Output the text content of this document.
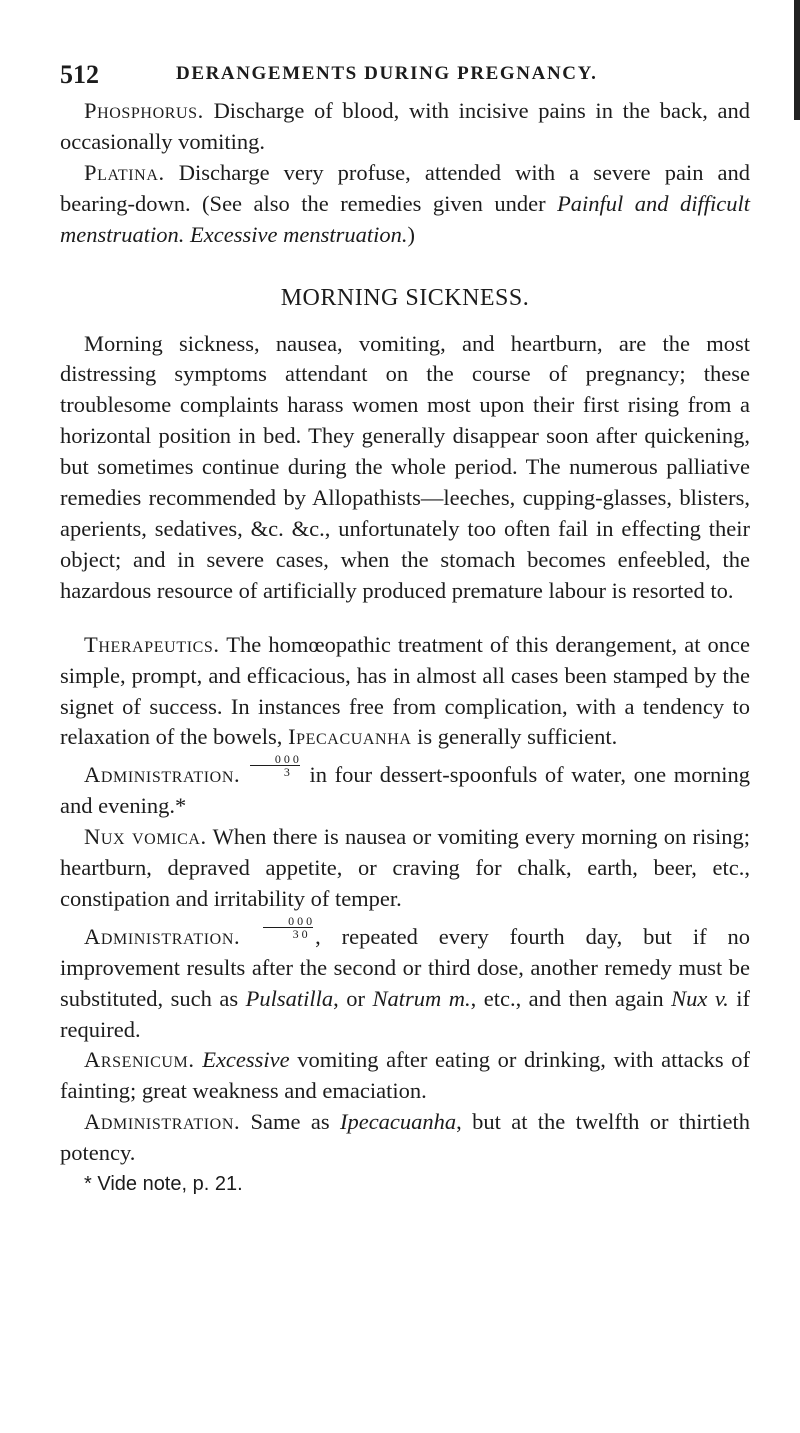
512	DERANGEMENTS DURING PREGNANCY.

Phosphorus. Discharge of blood, with incisive pains in the back, and occasionally vomiting.

Platina. Discharge very profuse, attended with a severe pain and bearing-down. (See also the remedies given under Painful and difficult menstruation. Excessive menstruation.)

MORNING SICKNESS.

Morning sickness, nausea, vomiting, and heartburn, are the most distressing symptoms attendant on the course of pregnancy; these troublesome complaints harass women most upon their first rising from a horizontal position in bed. They generally disappear soon after quickening, but sometimes continue during the whole period. The numerous palliative remedies recommended by Allopathists—leeches, cupping-glasses, blisters, aperients, sedatives, &c. &c., unfortunately too often fail in effecting their object; and in severe cases, when the stomach becomes enfeebled, the hazardous resource of artificially produced premature labour is resorted to.

Therapeutics. The homœopathic treatment of this derangement, at once simple, prompt, and efficacious, has in almost all cases been stamped by the signet of success. In instances free from complication, with a tendency to relaxation of the bowels, Ipecacuanha is generally sufficient.

Administration. $\frac{0 0 0}{3}$ in four dessert-spoonfuls of water, one morning and evening.*

Nux vomica. When there is nausea or vomiting every morning on rising; heartburn, depraved appetite, or craving for chalk, earth, beer, etc., constipation and irritability of temper.

Administration. $\frac{0 0 0}{3 0}$ , repeated every fourth day, but if no improvement results after the second or third dose, another remedy must be substituted, such as Pulsatilla, or Natrum m., etc., and then again Nux v. if required.

Arsenicum. Excessive vomiting after eating or drinking, with attacks of fainting; great weakness and emaciation.

Administration. Same as Ipecacuanha, but at the twelfth or thirtieth potency.

* Vide note, p. 21.
